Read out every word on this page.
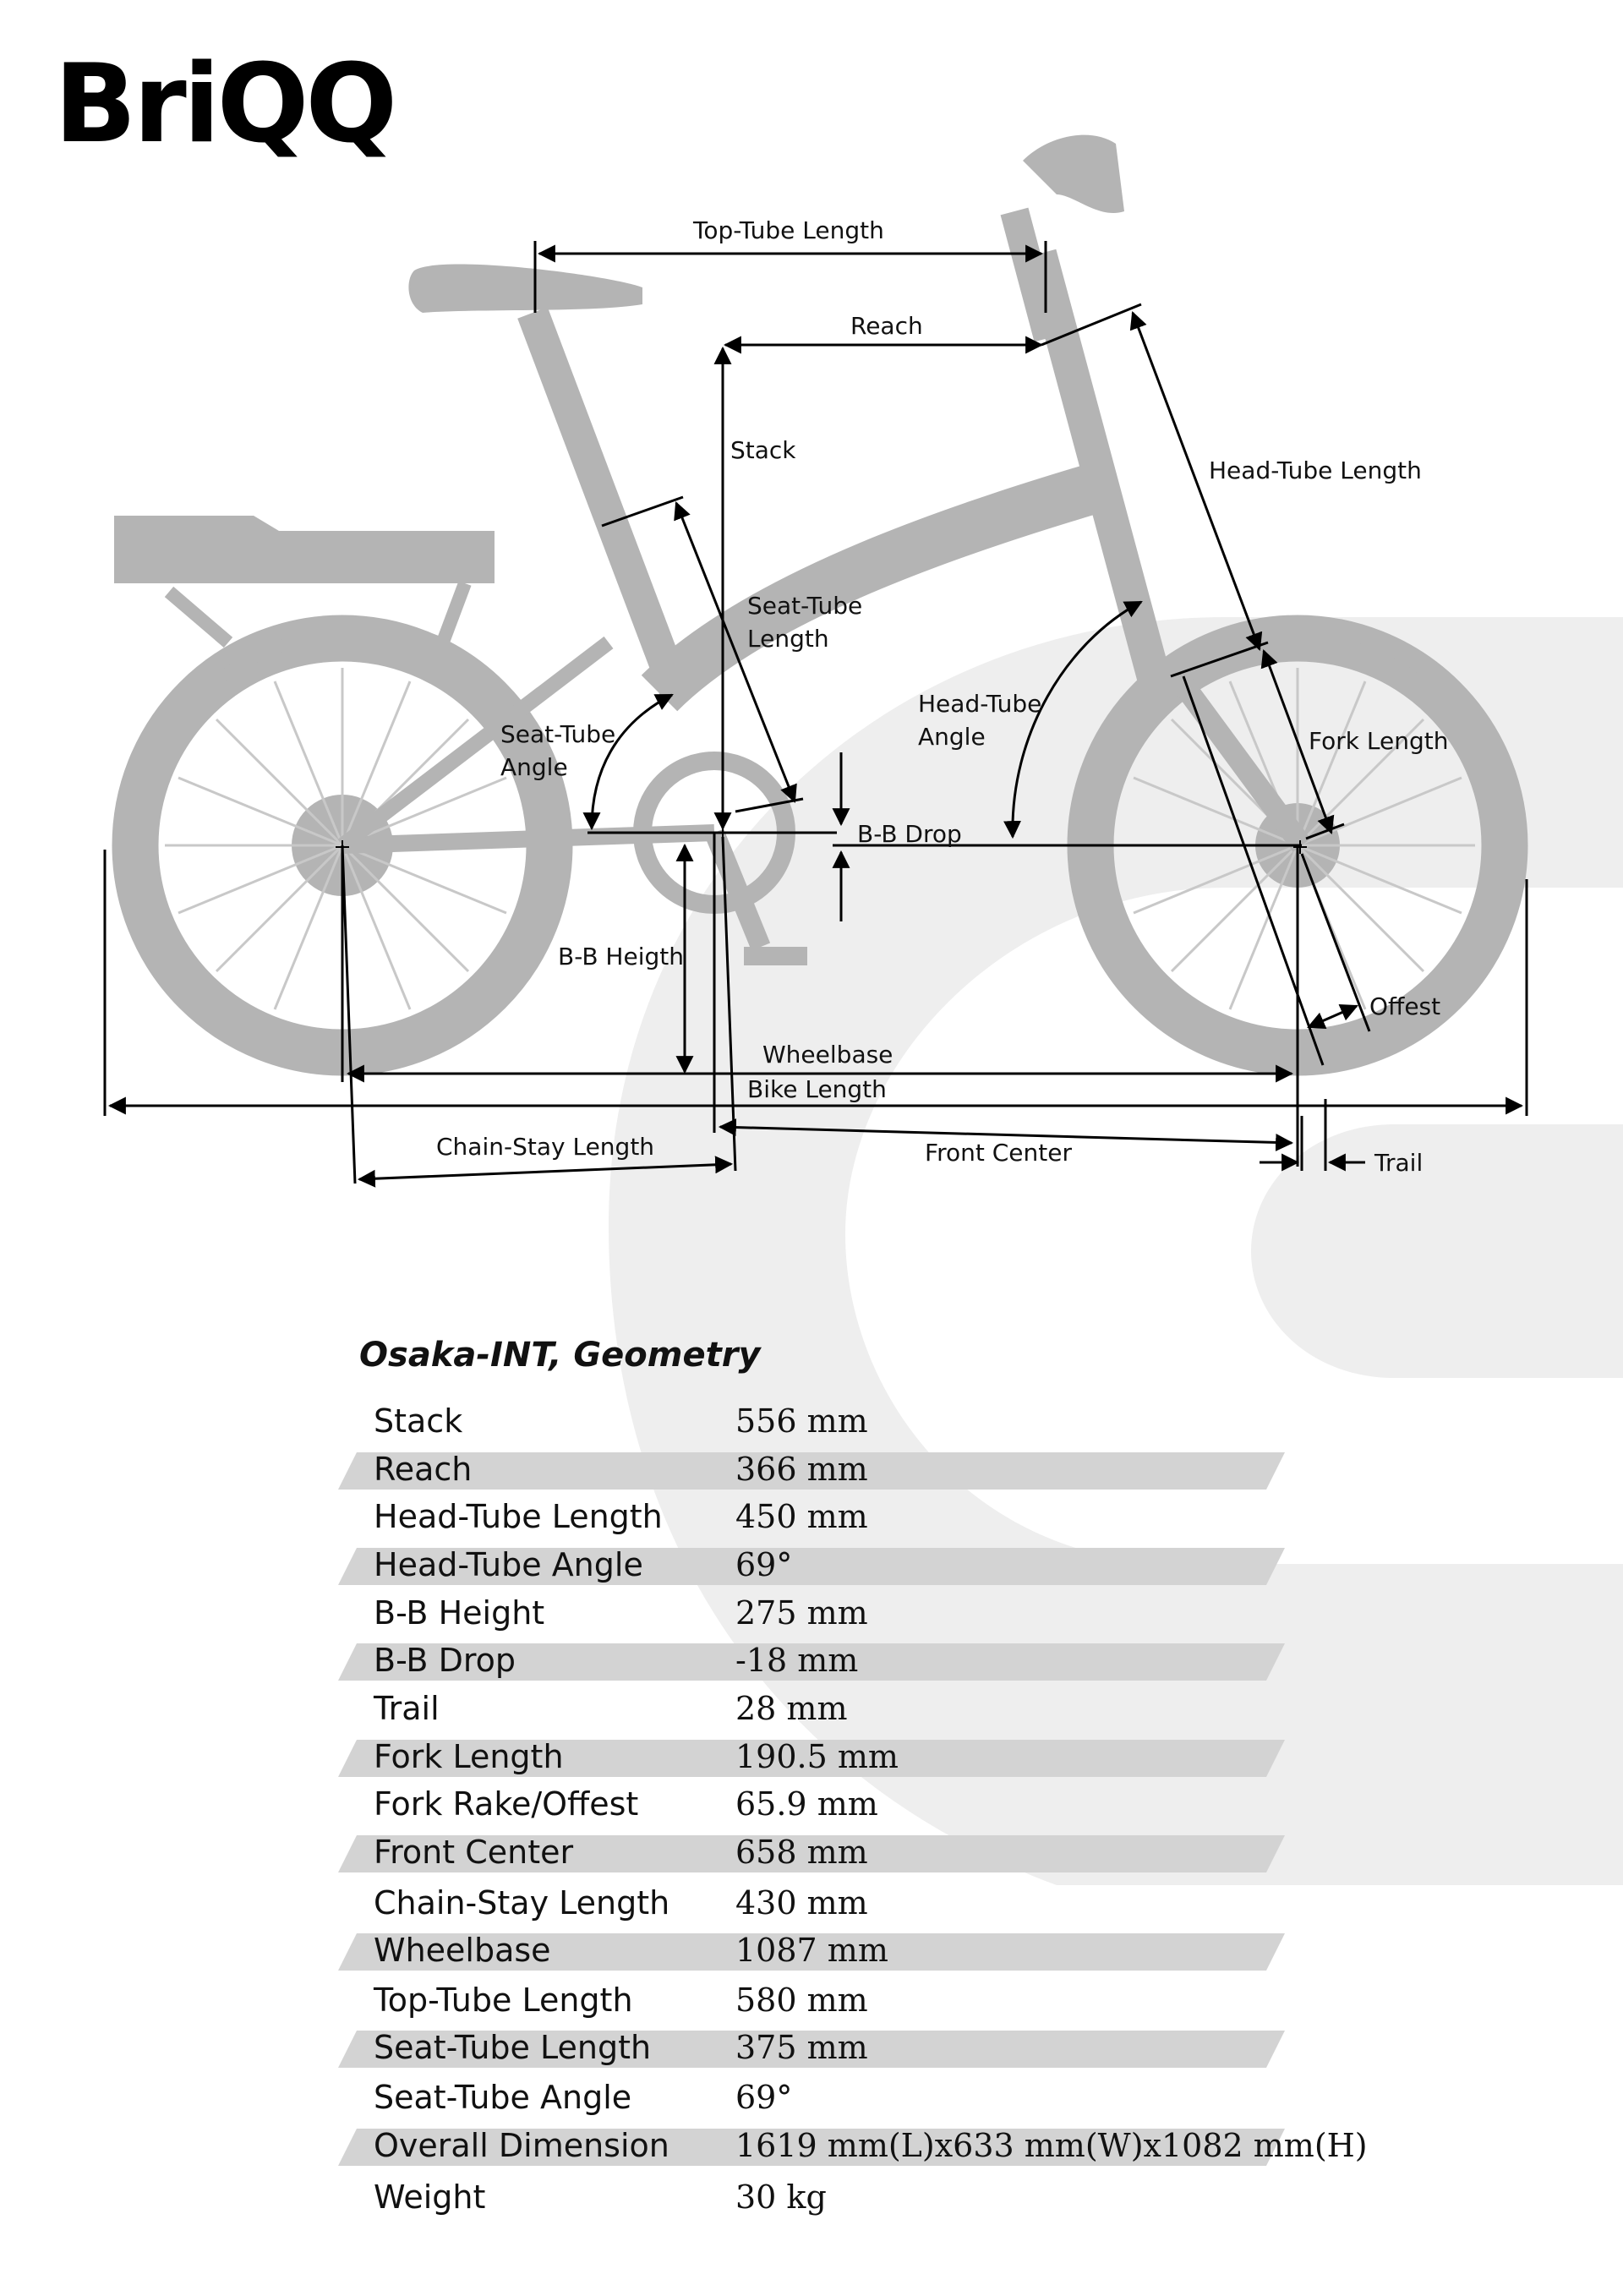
Top-Tube Length
Reach
Stack
Head-Tube Length
Seat-Tube
Length
Seat-Tube
Angle
Head-Tube
Angle	Fork Length
B-B Drop
B-B Heigth
Offest
Wheelbase
Bike Length
Chain-Stay Length	Front Center	Trail
BriQQ
Osaka-INT, Geometry
Stack	556 mm
Reach	366 mm
Head-Tube Length 450 mm
Head-Tube Angle	69°
B-B Height	275 mm
B-B Drop	-18 mm
Trail	28 mm
Fork Length	190.5 mm
Fork Rake/Offest	65.9 mm
Front Center	658 mm
Chain-Stay Length 430 mm
Wheelbase	1087 mm
Top-Tube Length	580 mm
Seat-Tube Length	375 mm
Seat-Tube Angle	69°
Overall Dimension 1619 mm(L)x633 mm(W)x1082 mm(H)
Weight	30 kg
